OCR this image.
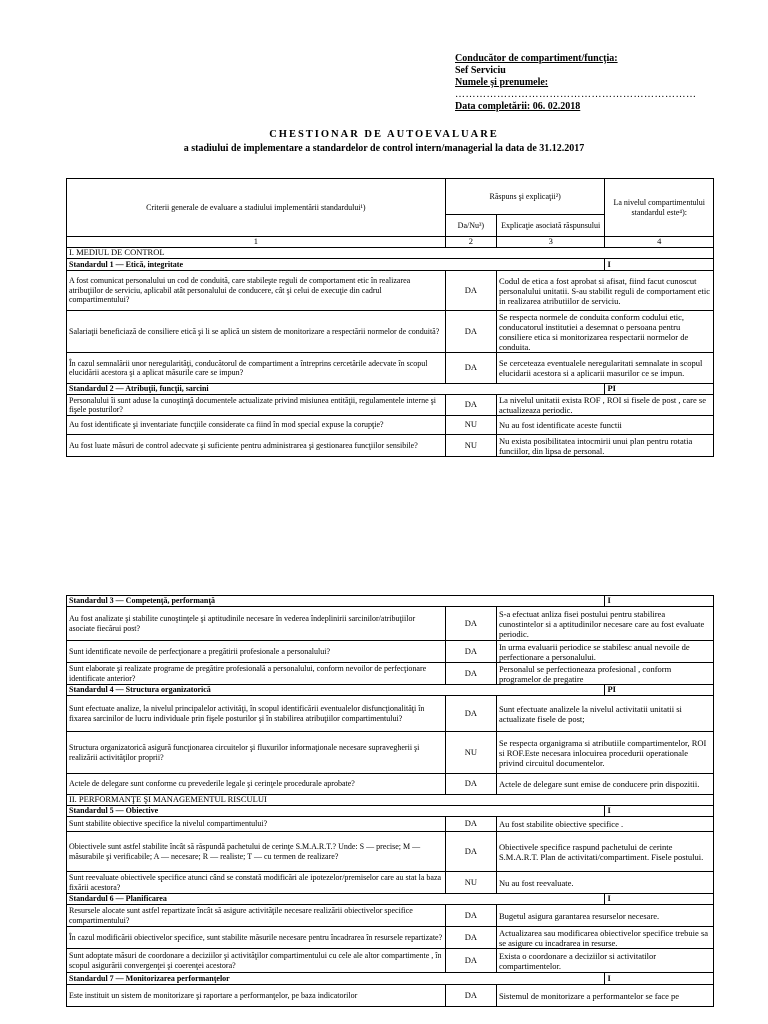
Conducător de compartiment/funcţia:
Sef Serviciu
Numele şi prenumele:
……………………………………………………………
Data completării: 06. 02.2018
CHESTIONAR DE AUTOEVALUARE
a stadiului de implementare a standardelor de control intern/managerial la data de 31.12.2017
Criterii generale de evaluare a stadiului implementării standardului¹)	Răspuns şi explicaţii²)		La nivelul compartimentului standardul este⁴):
	Da/Nu³)	Explicaţie asociată răspunsului	
1	2	3	4
I. MEDIUL DE CONTROL			
Standardul 1 — Etică, integritate			I
A fost comunicat personalului un cod de conduită, care stabileşte reguli de comportament etic în realizarea atribuţiilor de serviciu, aplicabil atât personalului de conducere, cât şi celui de execuţie din cadrul compartimentului?	DA	Codul de etica a fost aprobat si afisat, fiind facut cunoscut personalului unitatii. S-au stabilit reguli de comportament etic in realizarea atributiilor de serviciu.	
Salariaţii beneficiază de consiliere etică şi li se aplică un sistem de monitorizare a respectării normelor de conduită?	DA	Se respecta normele de conduita conform codului etic, conducatorul institutiei a desemnat o persoana pentru consiliere etica si monitorizarea respectarii normelor de conduita.	
În cazul semnalării unor neregularităţi, conducătorul de compartiment a întreprins cercetările adecvate în scopul elucidării acestora şi a aplicat măsurile care se impun?	DA	Se cerceteaza eventualele neregularitati semnalate in scopul elucidarii acestora si a aplicarii masurilor ce se impun.	
Standardul 2 — Atribuţii, funcţii, sarcini			PI
Personalului îi sunt aduse la cunoştinţă documentele actualizate privind misiunea entităţii, regulamentele interne şi fişele posturilor?	DA	La nivelul unitatii exista ROF , ROI si fisele de post , care se actualizeaza periodic.	
Au fost identificate şi inventariate funcţiile considerate ca fiind în mod special expuse la corupţie?	NU	Nu au fost identificate aceste functii	
Au fost luate măsuri de control adecvate şi suficiente pentru administrarea şi gestionarea funcţiilor sensibile?	NU	Nu exista posibilitatea intocmirii unui plan pentru rotatia funciilor, din lipsa de personal.	
Standardul 3 — Competenţă, performanţă			I
Au fost analizate şi stabilite cunoştinţele şi aptitudinile necesare în vederea îndeplinirii sarcinilor/atribuţiilor asociate fiecărui post?	DA	S-a efectuat anliza fisei postului pentru stabilirea cunostintelor si a aptitudinilor necesare care au fost evaluate periodic.	
Sunt identificate nevoile de perfecţionare a pregătirii profesionale a personalului?	DA	In urma evaluarii periodice se stabilesc anual nevoile de perfectionare a personalului.	
Sunt elaborate şi realizate programe de pregătire profesională a personalului, conform nevoilor de perfecţionare identificate anterior?	DA	Personalul se perfectioneaza profesional , conform programelor de pregatire	
Standardul 4 — Structura organizatorică			PI
Sunt efectuate analize, la nivelul principalelor activităţi, în scopul identificării eventualelor disfuncţionalităţi în fixarea sarcinilor de lucru individuale prin fişele posturilor şi în stabilirea atribuţiilor compartimentului?	DA	Sunt efectuate analizele la nivelul activitatii unitatii si actualizate fisele de post;	
Structura organizatorică asigură funcţionarea circuitelor şi fluxurilor informaţionale necesare supravegherii şi realizării activităţilor proprii?	NU	Se respecta organigrama si atributiile compartimentelor, ROI si ROF.Este necesara inlocuirea procedurii operationale privind circuitul documentelor.	
Actele de delegare sunt conforme cu prevederile legale şi cerinţele procedurale aprobate?	DA	Actele de delegare sunt emise de conducere prin dispozitii.	
II. PERFORMANŢE ŞI MANAGEMENTUL RISCULUI			
Standardul 5 — Obiective			I
Sunt stabilite obiective specifice la nivelul compartimentului?	DA	Au fost stabilite obiective specifice .	
Obiectivele sunt astfel stabilite încât să răspundă pachetului de cerinţe S.M.A.R.T.? Unde: S — precise; M — măsurabile şi verificabile; A — necesare; R — realiste; T — cu termen de realizare?	DA	Obiectivele specifice raspund pachetului de cerinte S.M.A.R.T. Plan de activitati/compartiment. Fisele postului.	
Sunt reevaluate obiectivele specifice atunci când se constată modificări ale ipotezelor/premiselor care au stat la baza fixării acestora?	NU	Nu au fost reevaluate.	
Standardul 6 — Planificarea			I
Resursele alocate sunt astfel repartizate încât să asigure activităţile necesare realizării obiectivelor specifice compartimentului?	DA	Bugetul asigura garantarea resurselor necesare.	
În cazul modificării obiectivelor specifice, sunt stabilite măsurile necesare pentru încadrarea în resursele repartizate?	DA	Actualizarea sau modificarea obiectivelor specifice trebuie sa se asigure cu incadrarea in resurse.	
Sunt adoptate măsuri de coordonare a deciziilor şi activităţilor compartimentului cu cele ale altor compartimente , în scopul asigurării convergenţei şi coerenţei acestora?	DA	Exista o coordonare a deciziilor si activitatilor compartimentelor.	
Standardul 7 — Monitorizarea performanţelor			I
Este instituit un sistem de monitorizare şi raportare a performanţelor, pe baza indicatorilor	DA	Sistemul de monitorizare a performantelor se face pe	
